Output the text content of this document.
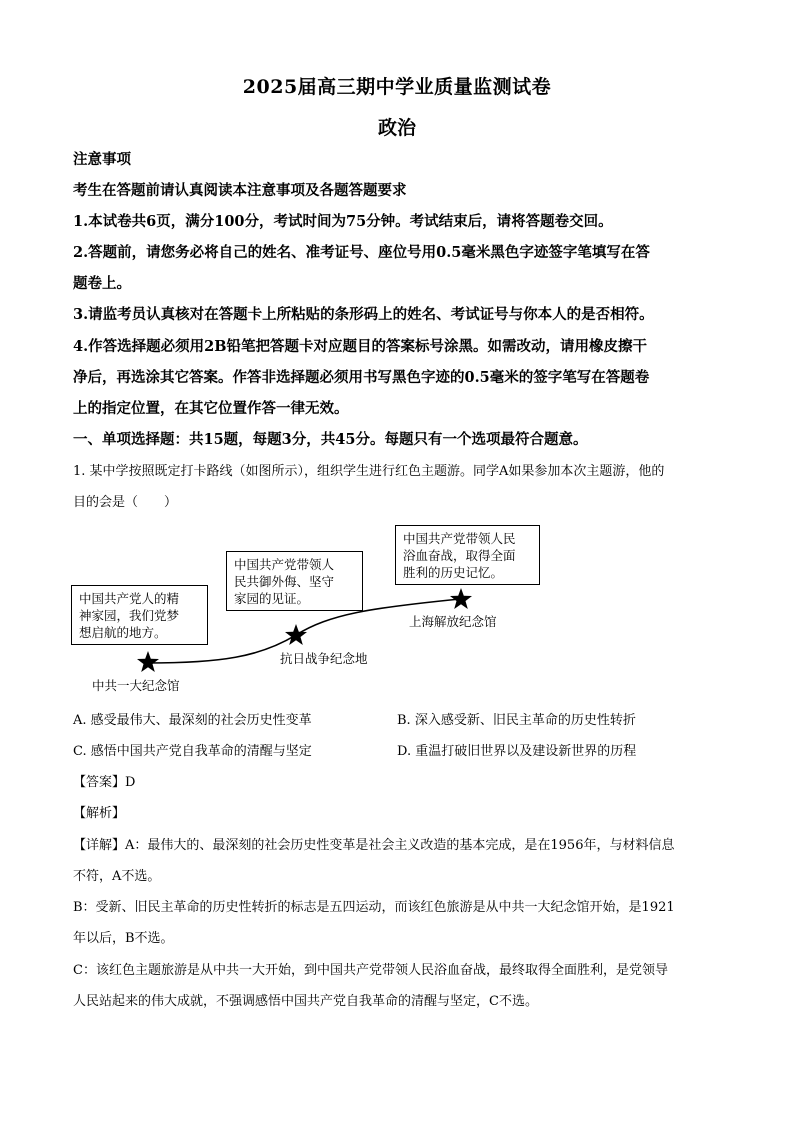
2025届高三期中学业质量监测试卷
政治
注意事项
考生在答题前请认真阅读本注意事项及各题答题要求
1.本试卷共6页，满分100分，考试时间为75分钟。考试结束后，请将答题卷交回。
2.答题前，请您务必将自己的姓名、准考证号、座位号用0.5毫米黑色字迹签字笔填写在答
题卷上。
3.请监考员认真核对在答题卡上所粘贴的条形码上的姓名、考试证号与你本人的是否相符。
4.作答选择题必须用2B铅笔把答题卡对应题目的答案标号涂黑。如需改动，请用橡皮擦干
净后，再选涂其它答案。作答非选择题必须用书写黑色字迹的0.5毫米的签字笔写在答题卷
上的指定位置，在其它位置作答一律无效。
一、单项选择题：共15题，每题3分，共45分。每题只有一个选项最符合题意。
1. 某中学按照既定打卡路线（如图所示），组织学生进行红色主题游。同学A如果参加本次主题游，他的
目的会是（　　）
中国共产党人的精
神家园，我们党梦
想启航的地方。
中国共产党带领人
民共御外侮、坚守
家园的见证。
中国共产党带领人民
浴血奋战，取得全面
胜利的历史记忆。
中共一大纪念馆
抗日战争纪念地
上海解放纪念馆
A. 感受最伟大、最深刻的社会历史性变革	B. 深入感受新、旧民主革命的历史性转折
C. 感悟中国共产党自我革命的清醒与坚定	D. 重温打破旧世界以及建设新世界的历程
【答案】D
【解析】
【详解】A：最伟大的、最深刻的社会历史性变革是社会主义改造的基本完成，是在1956年，与材料信息
不符，A不选。
B：受新、旧民主革命的历史性转折的标志是五四运动，而该红色旅游是从中共一大纪念馆开始，是1921
年以后，B不选。
C：该红色主题旅游是从中共一大开始，到中国共产党带领人民浴血奋战，最终取得全面胜利，是党领导
人民站起来的伟大成就，不强调感悟中国共产党自我革命的清醒与坚定，C不选。
